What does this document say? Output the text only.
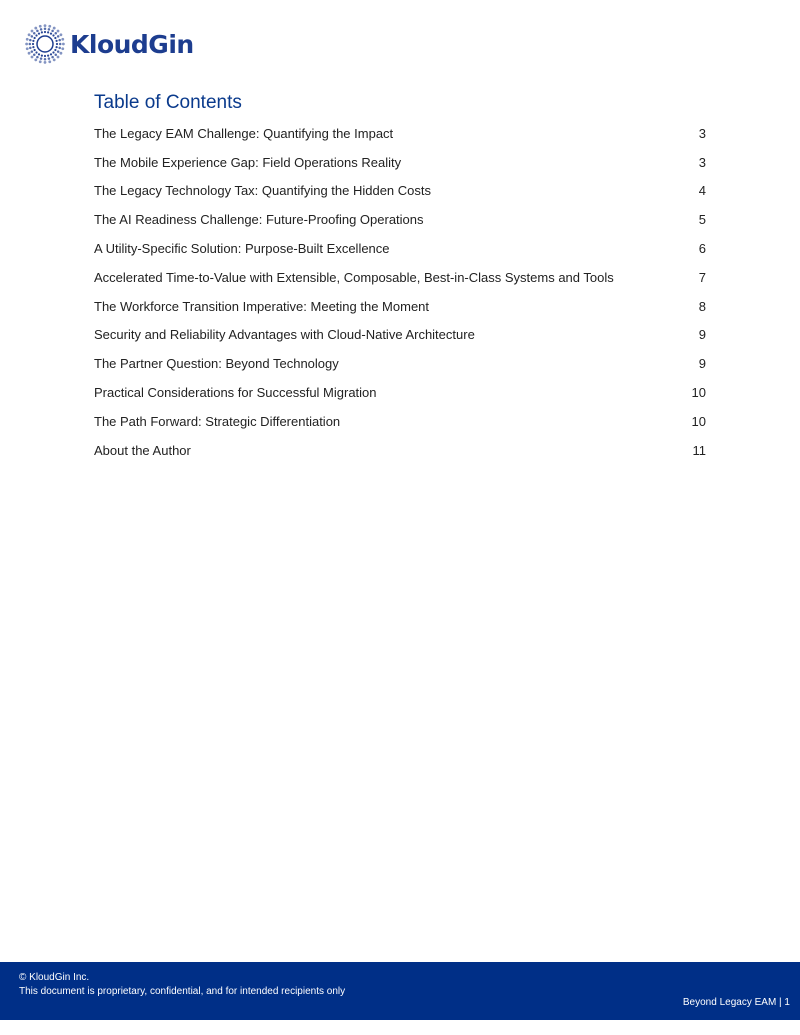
KloudGin
Table of Contents
The Legacy EAM Challenge: Quantifying the Impact	3
The Mobile Experience Gap: Field Operations Reality	3
The Legacy Technology Tax: Quantifying the Hidden Costs	4
The AI Readiness Challenge: Future-Proofing Operations	5
A Utility-Specific Solution: Purpose-Built Excellence	6
Accelerated Time-to-Value with Extensible, Composable, Best-in-Class Systems and Tools	7
The Workforce Transition Imperative: Meeting the Moment	8
Security and Reliability Advantages with Cloud-Native Architecture	9
The Partner Question: Beyond Technology	9
Practical Considerations for Successful Migration	10
The Path Forward: Strategic Differentiation	10
About the Author	11
© KloudGin Inc.
This document is proprietary, confidential, and for intended recipients only
Beyond Legacy EAM | 1
